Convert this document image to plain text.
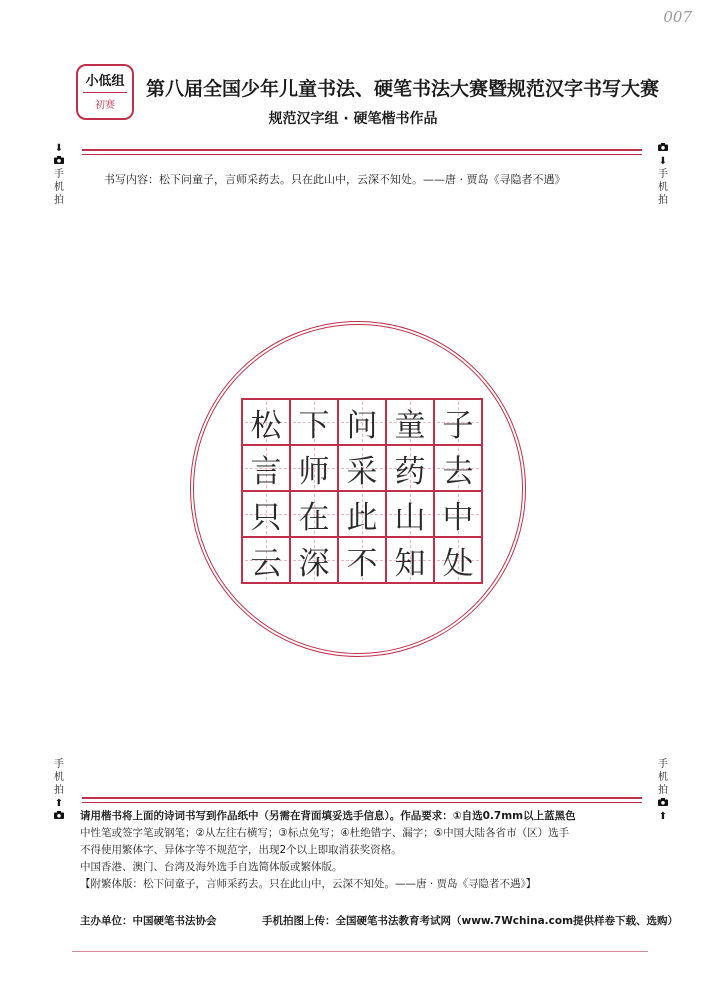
007
小低组
初赛
第八届全国少年儿童书法、硬笔书法大赛暨规范汉字书写大赛
规范汉字组 · 硬笔楷书作品
⬇
手
机
拍
⬇
手
机
拍
书写内容：松下问童子，言师采药去。只在此山中，云深不知处。——唐 · 贾岛《寻隐者不遇》
松 下 问 童 子
言 师 采 药 去
只 在 此 山 中
云 深 不 知 处
手
机
拍
⬆
手
机
拍
⬆

请用楷书将上面的诗词书写到作品纸中（另需在背面填妥选手信息）。作品要求：①自选0.7mm以上蓝黑色

中性笔或签字笔或钢笔；②从左往右横写；③标点免写；④杜绝错字、漏字；⑤中国大陆各省市（区）选手

不得使用繁体字、异体字等不规范字，出现2个以上即取消获奖资格。

中国香港、澳门、台湾及海外选手自选简体版或繁体版。

【附繁体版：松下问童子，言师采药去。只在此山中，云深不知处。——唐 · 贾岛《寻隐者不遇》】

主办单位：中国硬笔书法协会	手机拍图上传：全国硬笔书法教育考试网（www.7Wchina.com提供样卷下载、选购）
